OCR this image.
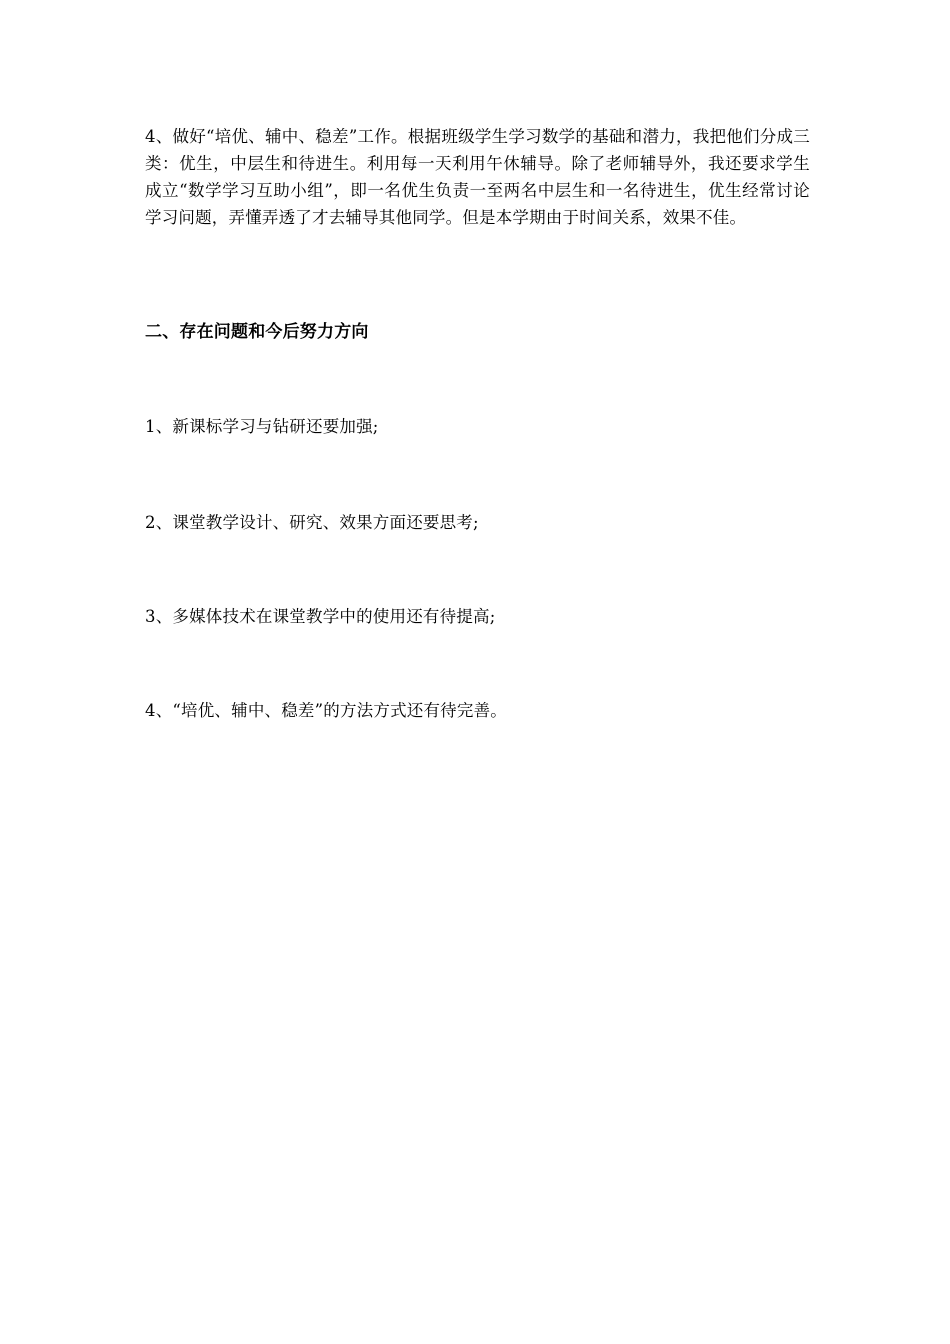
4、做好“培优、辅中、稳差”工作。根据班级学生学习数学的基础和潜力，我把他们分成三类：优生，中层生和待进生。利用每一天利用午休辅导。除了老师辅导外，我还要求学生成立“数学学习互助小组”，即一名优生负责一至两名中层生和一名待进生，优生经常讨论学习问题，弄懂弄透了才去辅导其他同学。但是本学期由于时间关系，效果不佳。

二、存在问题和今后努力方向

1、新课标学习与钻研还要加强;

2、课堂教学设计、研究、效果方面还要思考;

3、多媒体技术在课堂教学中的使用还有待提高;

4、“培优、辅中、稳差”的方法方式还有待完善。
